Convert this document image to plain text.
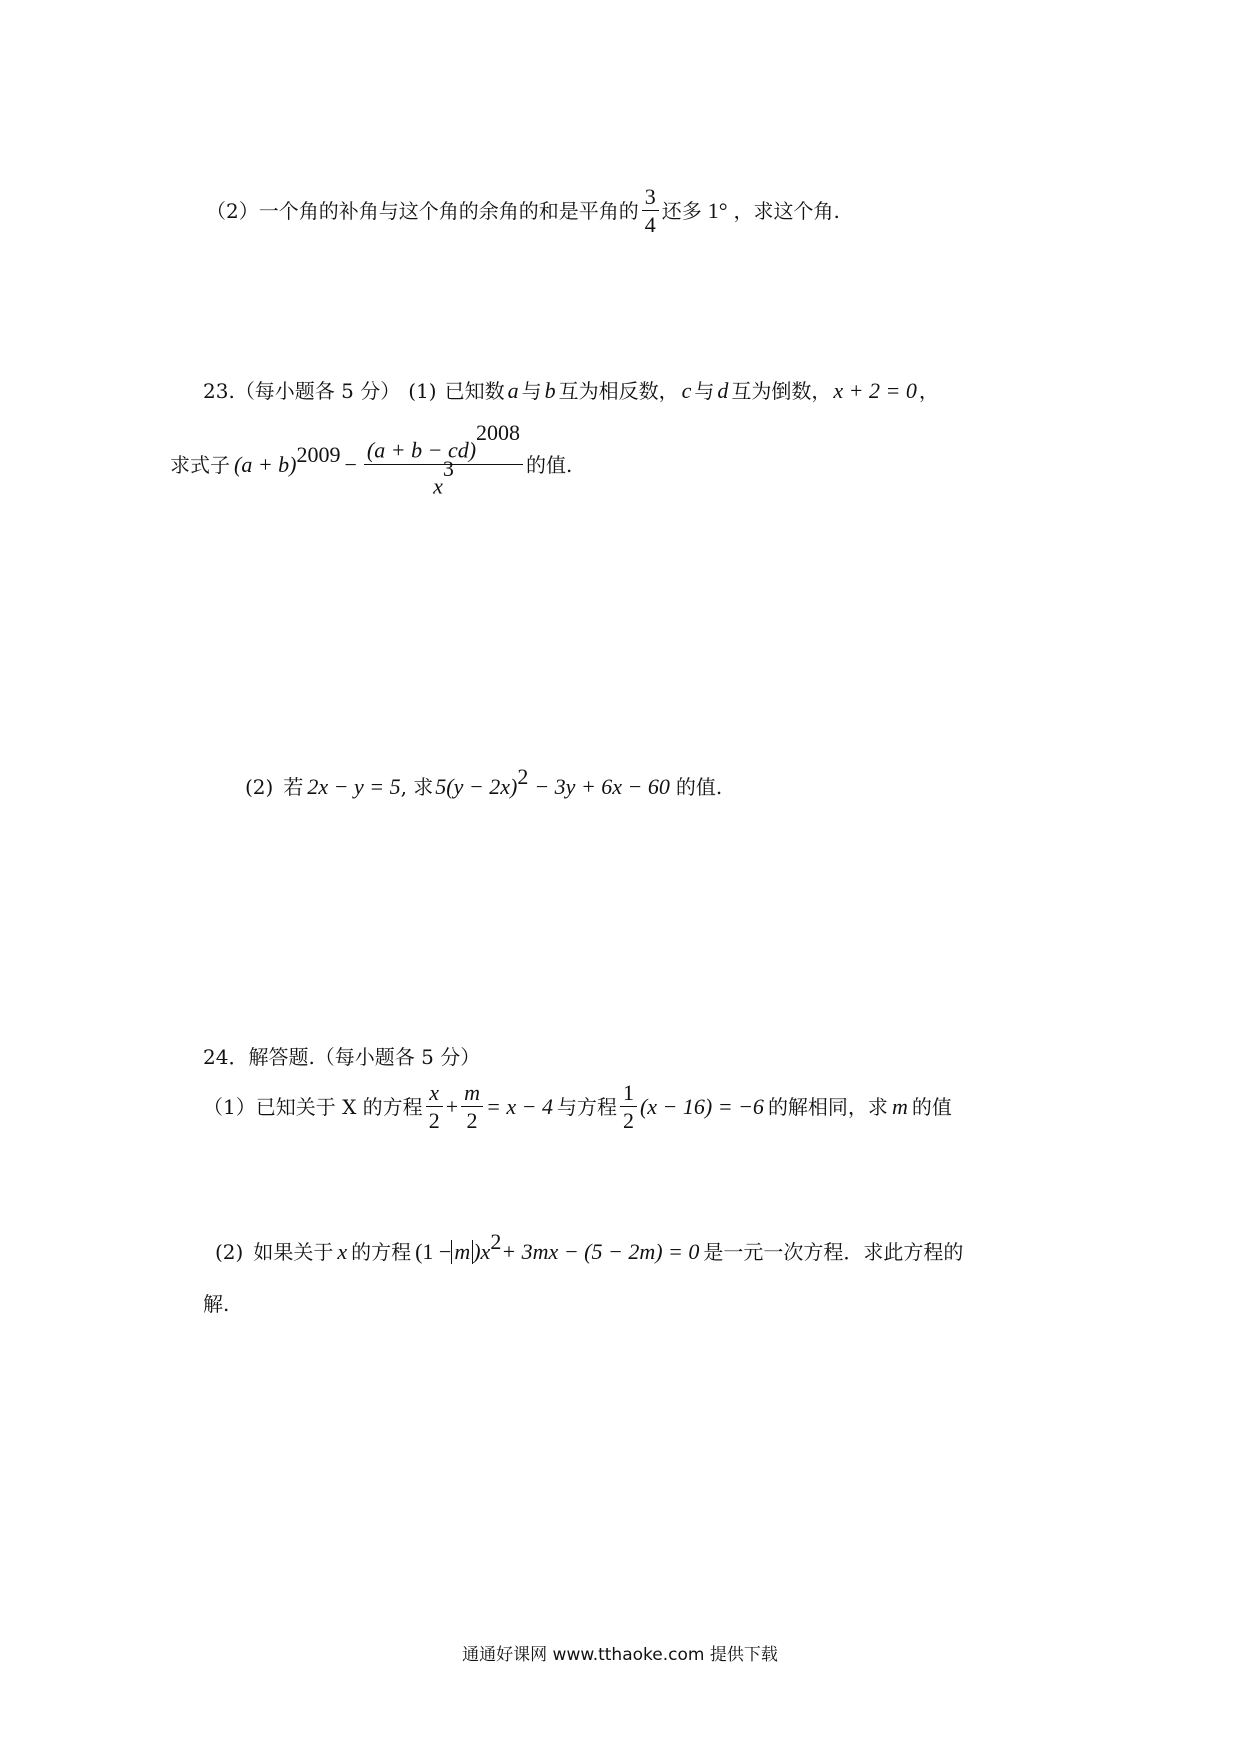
（2） 一个角的补角与这个角的余角的和是平角的 $\frac{3}{4}$ 还多 1° ，求这个角.
23. （每小题各 5 分） (1) 已知数 a 与 b 互为相反数， c 与 d 互为倒数， x + 2 = 0 ，
求式子 $(a + b)^{2009} - \frac{(a + b - cd)^{2008}}{x^3}$ 的值.
(2) 若 2x − y = 5 , 求 $5(y - 2x)^2 - 3y + 6x - 60$ 的值.
24．解答题.（每小题各 5 分）
（1） 已知关于 X 的方程 $\frac{x}{2} + \frac{m}{2} = x - 4$ 与方程 $\frac{1}{2} (x - 16) = -6$ 的解相同，求 m 的值
(2) 如果关于 x 的方程 (1 − m )$x^2 + 3mx - (5 - 2m) = 0$ 是一元一次方程．求此方程的
解.
通通好课网 www.tthaoke.com 提供下载
